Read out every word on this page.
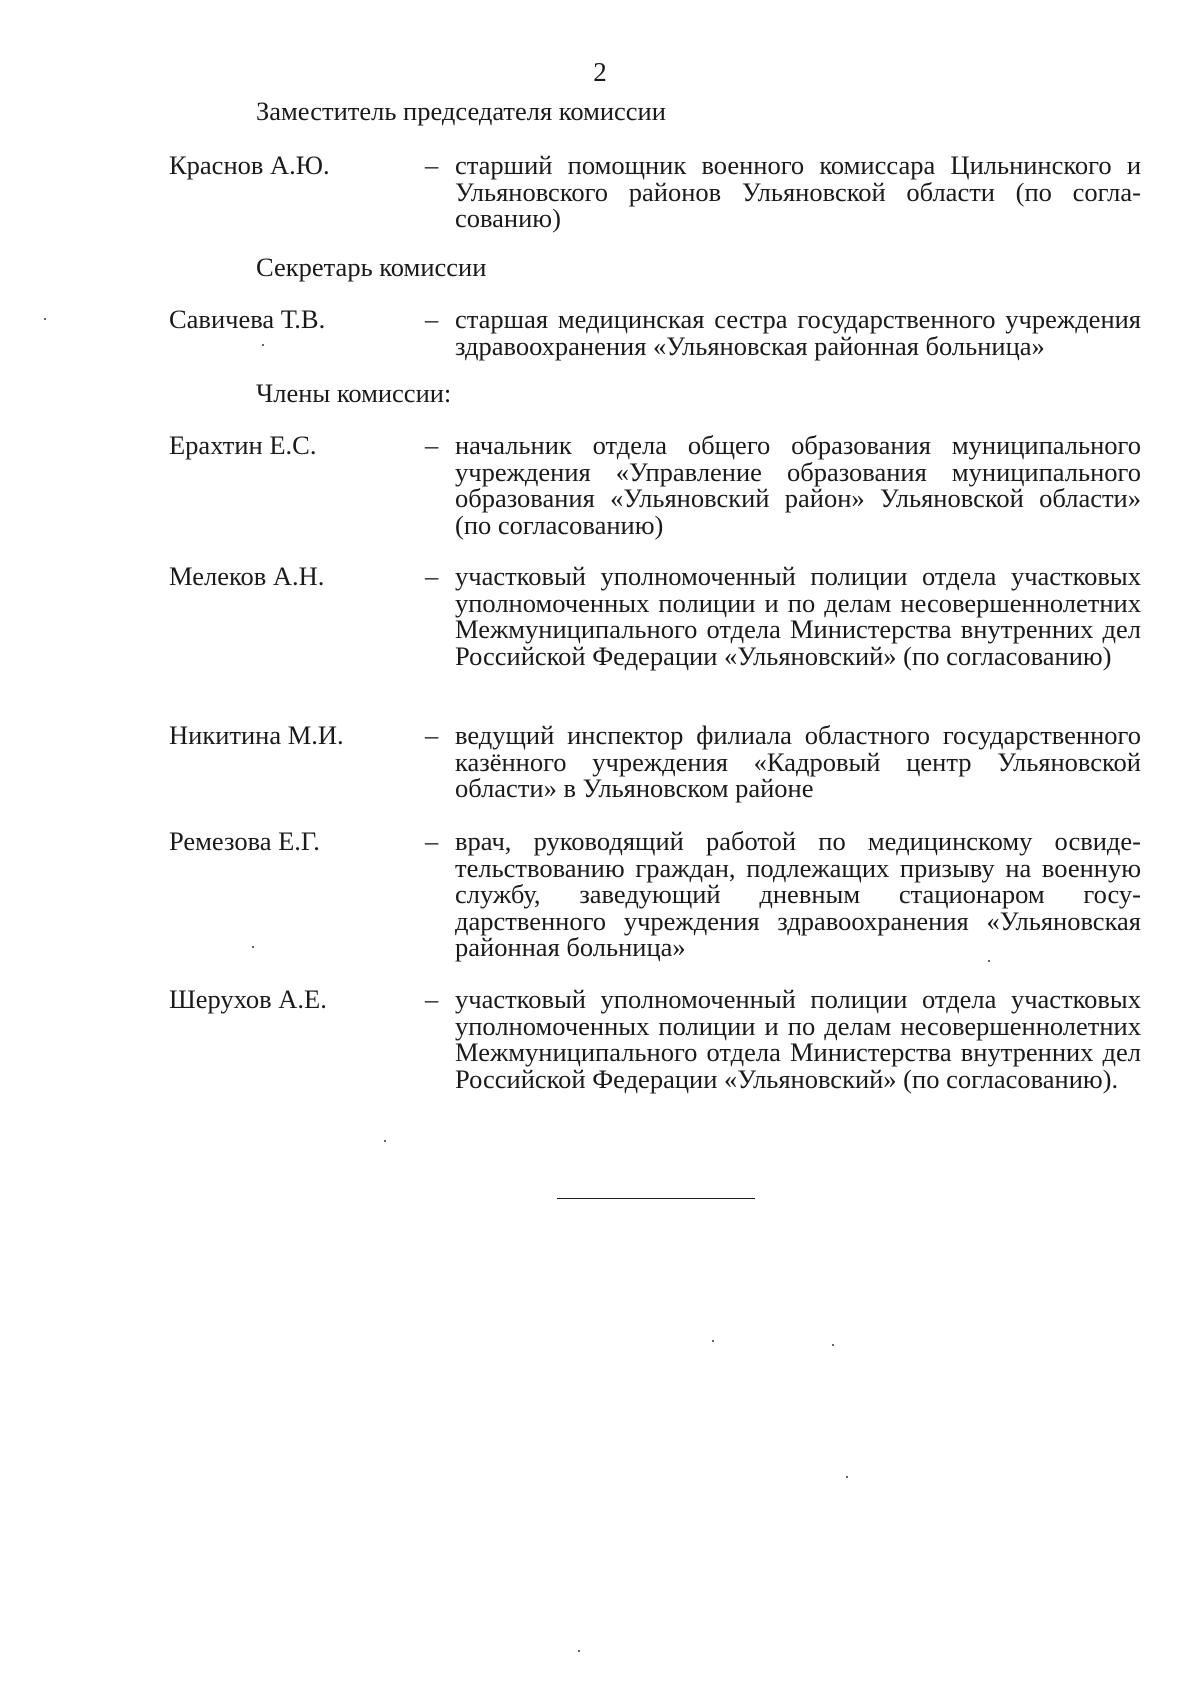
2
Заместитель председателя комиссии
Краснов А.Ю.	– старший помощник военного комиссара Цильнинского и Ульяновского районов Ульяновской области (по согласованию)
Секретарь комиссии
Савичева Т.В.	– старшая медицинская сестра государственного учреждения здравоохранения «Ульяновская районная больница»
Члены комиссии:
Ерахтин Е.С.	– начальник отдела общего образования муниципального учреждения «Управление образования муниципального образования «Ульяновский район» Ульяновской области» (по согласованию)
Мелеков А.Н.	– участковый уполномоченный полиции отдела участковых уполномоченных полиции и по делам несовершеннолетних Межмуниципального отдела Министерства внутренних дел Российской Федерации «Ульяновский» (по согласованию)
Никитина М.И.	– ведущий инспектор филиала областного государственного казённого учреждения «Кадровый центр Ульяновской области» в Ульяновском районе
Ремезова Е.Г.	– врач, руководящий работой по медицинскому освидетельствованию граждан, подлежащих призыву на военную службу, заведующий дневным стационаром государственного учреждения здравоохранения «Ульяновская районная больница»
Шерухов А.Е.	– участковый уполномоченный полиции отдела участковых уполномоченных полиции и по делам несовершеннолетних Межмуниципального отдела Министерства внутренних дел Российской Федерации «Ульяновский» (по согласованию).
